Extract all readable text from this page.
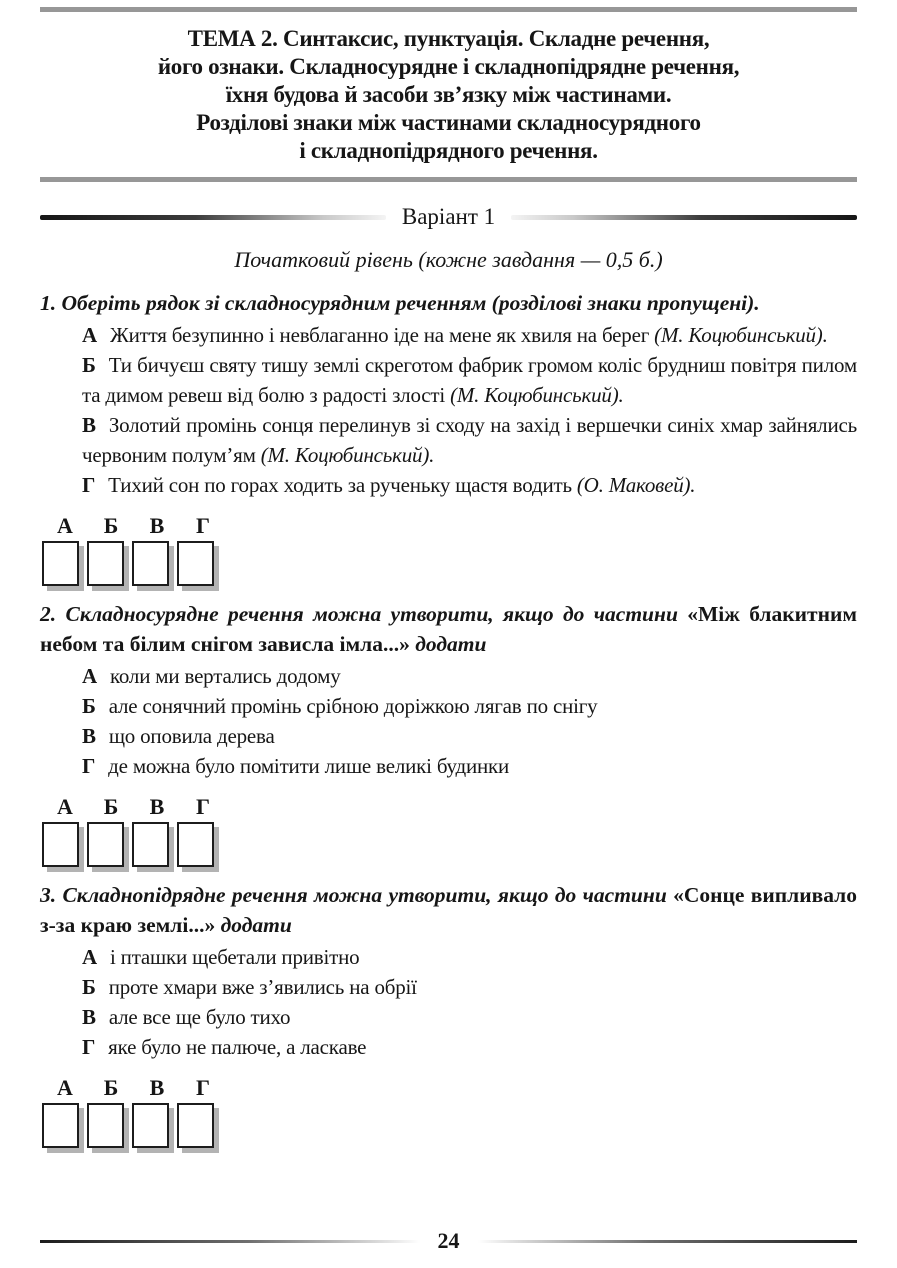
ТЕМА 2. Синтаксис, пунктуація. Складне речення,
його ознаки. Складносурядне і складнопідрядне речення,
їхня будова й засоби зв’язку між частинами.
Розділові знаки між частинами складносурядного
і складнопідрядного речення.
Варіант 1
Початковий рівень (кожне завдання — 0,5 б.)

1. Оберіть рядок зі складносурядним реченням (розділові знаки пропущені).

А Життя безупинно і невблаганно іде на мене як хвиля на берег (М. Коцюбинський).

Б Ти бичуєш святу тишу землі скреготом фабрик громом коліс брудниш повітря пилом та димом ревеш від болю з радості злості (М. Коцюбинський).

В Золотий промінь сонця перелинув зі сходу на захід і вершечки синіх хмар зайнялись червоним полум’ям (М. Коцюбинський).

Г Тихий сон по горах ходить за рученьку щастя водить (О. Маковей).

А	Б	В	Г

2. Складносурядне речення можна утворити, якщо до частини «Між блакитним небом та білим снігом зависла імла...» додати

А коли ми вертались додому

Б але сонячний промінь срібною доріжкою лягав по снігу

В що оповила дерева

Г де можна було помітити лише великі будинки

А	Б	В	Г

3. Складнопідрядне речення можна утворити, якщо до частини «Сонце випливало з-за краю землі...» додати

А і пташки щебетали привітно

Б проте хмари вже з’явились на обрії

В але все ще було тихо

Г яке було не палюче, а ласкаве

А	Б	В	Г
24
